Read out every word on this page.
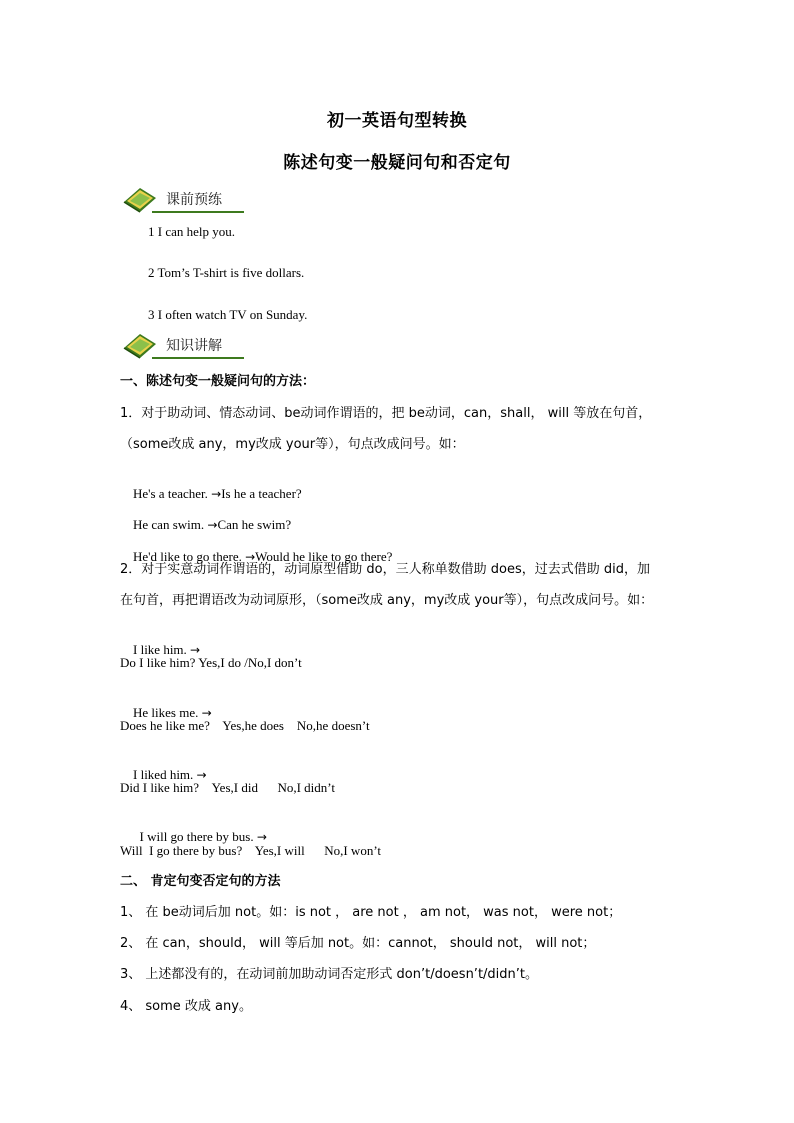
初一英语句型转换
陈述句变一般疑问句和否定句
课前预练
1 I can help you.
2 Tom’s T-shirt is five dollars.
3 I often watch TV on Sunday.
知识讲解
一、陈述句变一般疑问句的方法：
1．对于助动词、情态动词、be动词作谓语的，把 be动词，can，shall， will 等放在句首，
（some改成 any，my改成 your等），句点改成问号。如：

He's a teacher. →Is he a teacher?

He can swim. →Can he swim?

He'd like to go there. →Would he like to go there?

2．对于实意动词作谓语的，动词原型借助 do，三人称单数借助 does，过去式借助 did，加
在句首，再把谓语改为动词原形，（some改成 any，my改成 your等），句点改成问号。如：

I like him. →

Do I like him? Yes,I do /No,I don’t

He likes me. →

Does he like me?    Yes,he does    No,he doesn’t

I liked him. →

Did I like him?    Yes,I did      No,I didn’t

I will go there by bus. →

Will  I go there by bus?    Yes,I will      No,I won’t
二、 肯定句变否定句的方法
1、 在 be动词后加 not。如：is not ， are not ， am not， was not， were not；
2、 在 can，should， will 等后加 not。如：cannot， should not， will not；
3、 上述都没有的，在动词前加助动词否定形式 don’t/doesn’t/didn’t。
4、 some 改成 any。
